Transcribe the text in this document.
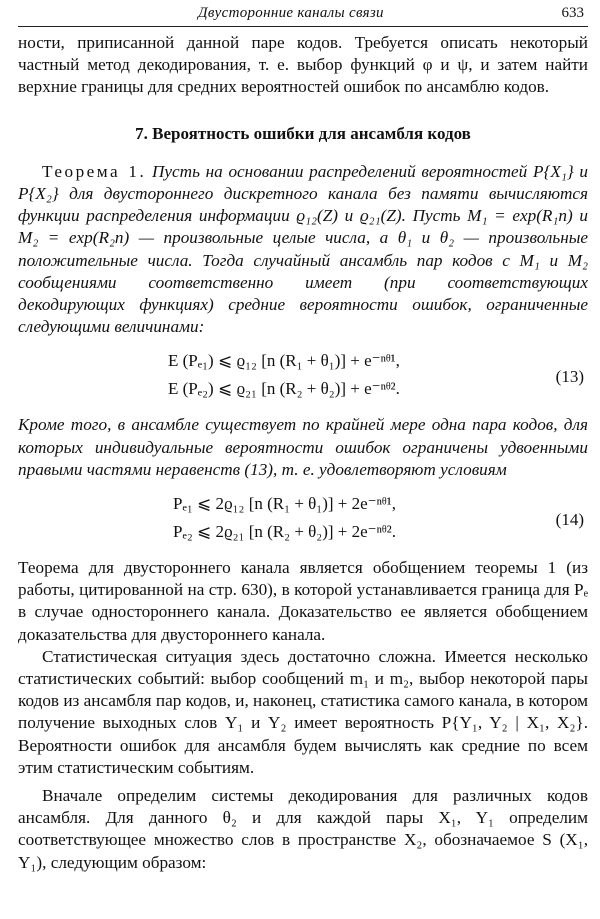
Двусторонние каналы связи	633

ности, приписанной данной паре кодов. Требуется описать некоторый частный метод декодирования, т. е. выбор функций φ и ψ, и затем найти верхние границы для средних вероятностей ошибок по ансамблю кодов.

7. Вероятность ошибки для ансамбля кодов

Теорема 1. Пусть на основании распределений вероятностей P{X₁} и P{X₂} для двустороннего дискретного канала без памяти вычисляются функции распределения информации ϱ₁₂(Z) и ϱ₂₁(Z). Пусть M₁ = exp(R₁n) и M₂ = exp(R₂n) — произвольные целые числа, а θ₁ и θ₂ — произвольные положительные числа. Тогда случайный ансамбль пар кодов с M₁ и M₂ сообщениями соответственно имеет (при соответствующих декодирующих функциях) средние вероятности ошибок, ограниченные следующими величинами:

E (Pₑ₁) ⩽ ϱ₁₂ [n (R₁ + θ₁)] + e⁻ⁿᶿ¹,
E (Pₑ₂) ⩽ ϱ₂₁ [n (R₂ + θ₂)] + e⁻ⁿᶿ².
(13)

Кроме того, в ансамбле существует по крайней мере одна пара кодов, для которых индивидуальные вероятности ошибок ограничены удвоенными правыми частями неравенств (13), т. е. удовлетворяют условиям

Pₑ₁ ⩽ 2ϱ₁₂ [n (R₁ + θ₁)] + 2e⁻ⁿᶿ¹,
Pₑ₂ ⩽ 2ϱ₂₁ [n (R₂ + θ₂)] + 2e⁻ⁿᶿ².
(14)

Теорема для двустороннего канала является обобщением теоремы 1 (из работы, цитированной на стр. 630), в которой устанавливается граница для Pₑ в случае одностороннего канала. Доказательство ее является обобщением доказательства для двустороннего канала.

Статистическая ситуация здесь достаточно сложна. Имеется несколько статистических событий: выбор сообщений m₁ и m₂, выбор некоторой пары кодов из ансамбля пар кодов, и, наконец, статистика самого канала, в котором получение выходных слов Y₁ и Y₂ имеет вероятность P{Y₁, Y₂ | X₁, X₂}. Вероятности ошибок для ансамбля будем вычислять как средние по всем этим статистическим событиям.

Вначале определим системы декодирования для различных кодов ансамбля. Для данного θ₂ и для каждой пары X₁, Y₁ определим соответствующее множество слов в пространстве X₂, обозначаемое S (X₁, Y₁), следующим образом:
